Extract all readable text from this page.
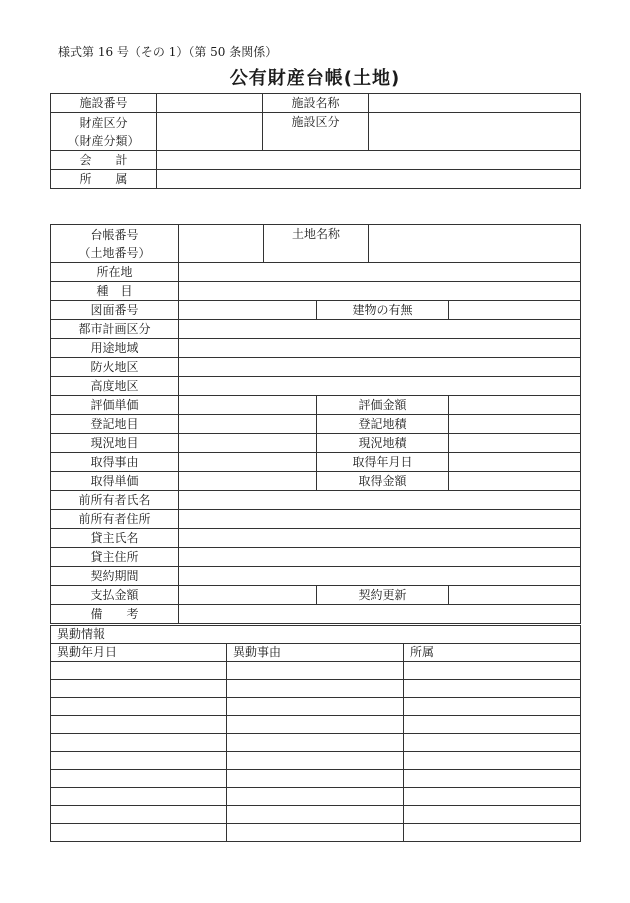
様式第 16 号（その 1）（第 50 条関係）
公有財産台帳(土地)
施設番号		施設名称	

財産区分
（財産分類）		施設区分	
会　　計			
所　　属			
台帳番号
（土地番号）		土地名称			
所在地					
種　目					
図面番号			建物の有無		
都市計画区分					
用途地域					
防火地区					
高度地区					
評価単価			評価金額		
登記地目			登記地積		
現況地目			現況地積		
取得事由			取得年月日		
取得単価			取得金額		
前所有者氏名					
前所有者住所					
貸主氏名					
貸主住所					
契約期間					
支払金額			契約更新		
備　　考					
異動情報		
異動年月日	異動事由	所属
